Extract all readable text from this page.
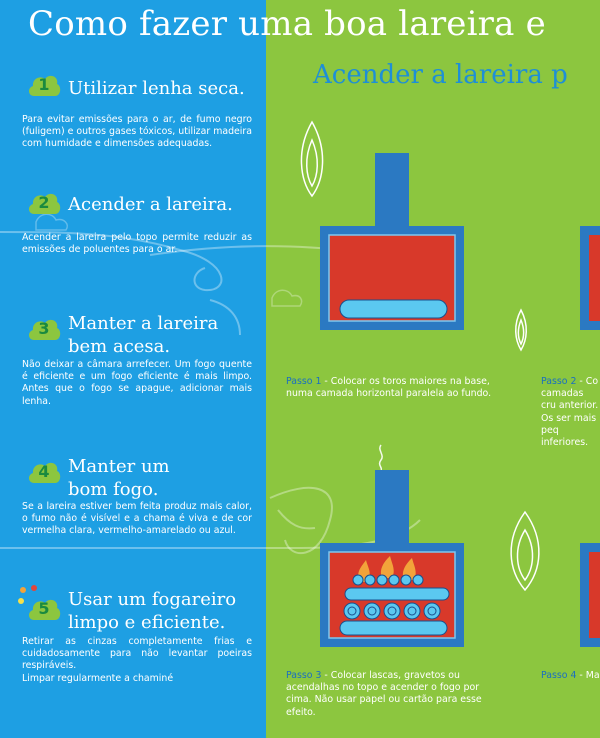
Como fazer uma boa lareira e
Acender a lareira p
1	Utilizar lenha seca.
Para evitar emissões para o ar, de fumo negro (fuligem) e outros gases tóxicos, utilizar madeira com humidade e dimensões adequadas.
2	Acender a lareira.
Acender a lareira pelo topo permite reduzir as emissões de poluentes para o ar.
3	Manter a lareira
bem acesa.
Não deixar a câmara arrefecer. Um fogo quente é eficiente e um fogo eficiente é mais limpo. Antes que o fogo se apague, adicionar mais lenha.
4	Manter um
bom fogo.
Se a lareira estiver bem feita produz mais calor, o fumo não é visível e a chama é viva e de cor vermelha clara, vermelho-amarelado ou azul.
5	Usar um fogareiro
limpo e eficiente.
Retirar as cinzas completamente frias e cuidadosamente para não levantar poeiras respiráveis.
Limpar regularmente a chaminé
Passo 1 - Colocar os toros maiores na base, numa camada horizontal paralela ao fundo.
Passo 2 - Co camadas cru anterior. Os ser mais peq inferiores.
Passo 3 - Colocar lascas, gravetos ou acendalhas no topo e acender o fogo por cima. Não usar papel ou cartão para esse efeito.
Passo 4 - Ma
